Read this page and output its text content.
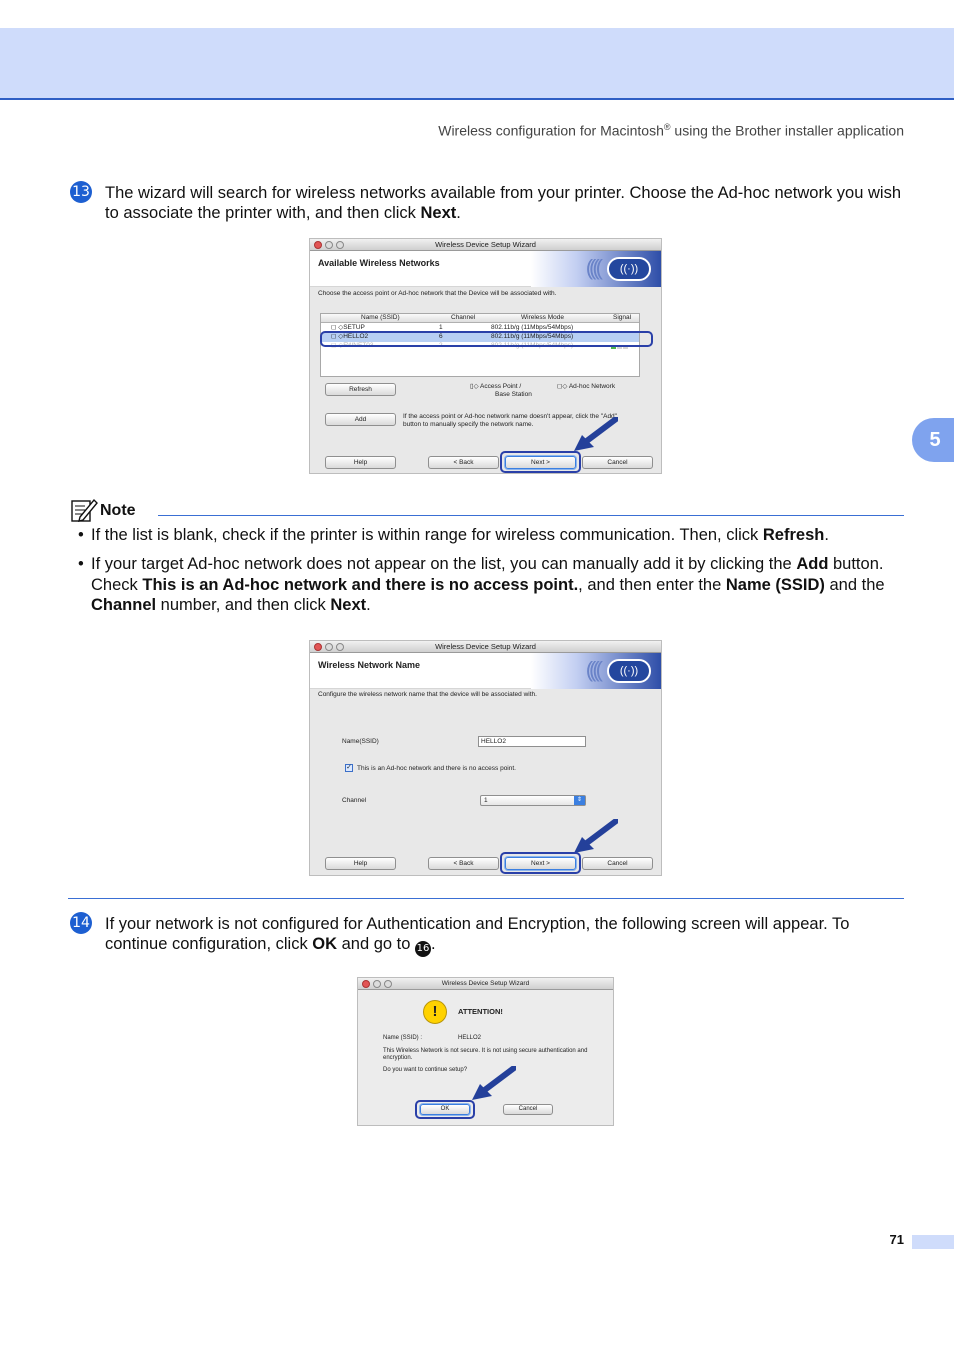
Wireless configuration for Macintosh® using the Brother installer application
5
13 The wizard will search for wireless networks available from your printer. Choose the Ad-hoc network you wish to associate the printer with, and then click Next.
Wireless Device Setup Wizard
Available Wireless Networks	((((	((·))
Choose the access point or Ad-hoc network that the Device will be associated with.
Name (SSID)	Channel	Wireless Mode	Signal
◻ ◇SETUP	1	802.11b/g (11Mbps/54Mbps)
◻ ◇HELLO2	6	802.11b/g (11Mbps/54Mbps)
◻ ◇FWNET03	2	802.11b/g (11Mbps/54Mbps)
Refresh	▯◇ Access Point /
Base Station
◻◇ Ad-hoc Network
Add	If the access point or Ad-hoc network name doesn't appear, click the "Add"
button to manually specify the network name.
Help	< Back	Next >	Cancel
Note
• If the list is blank, check if the printer is within range for wireless communication. Then, click Refresh.
• If your target Ad-hoc network does not appear on the list, you can manually add it by clicking the Add button. Check This is an Ad-hoc network and there is no access point., and then enter the Name (SSID) and the Channel number, and then click Next.
Wireless Device Setup Wizard
Wireless Network Name	((((	((·))
Configure the wireless network name that the device will be associated with.
Name(SSID)	HELLO2
✓ This is an Ad-hoc network and there is no access point.
Channel	1	⇕
Help	< Back	Next >	Cancel
14 If your network is not configured for Authentication and Encryption, the following screen will appear. To continue configuration, click OK and go to 16.
Wireless Device Setup Wizard
!	ATTENTION!
Name (SSID) :	HELLO2
This Wireless Network is not secure. It is not using secure authentication and
encryption.
Do you want to continue setup?
OK	Cancel
71
